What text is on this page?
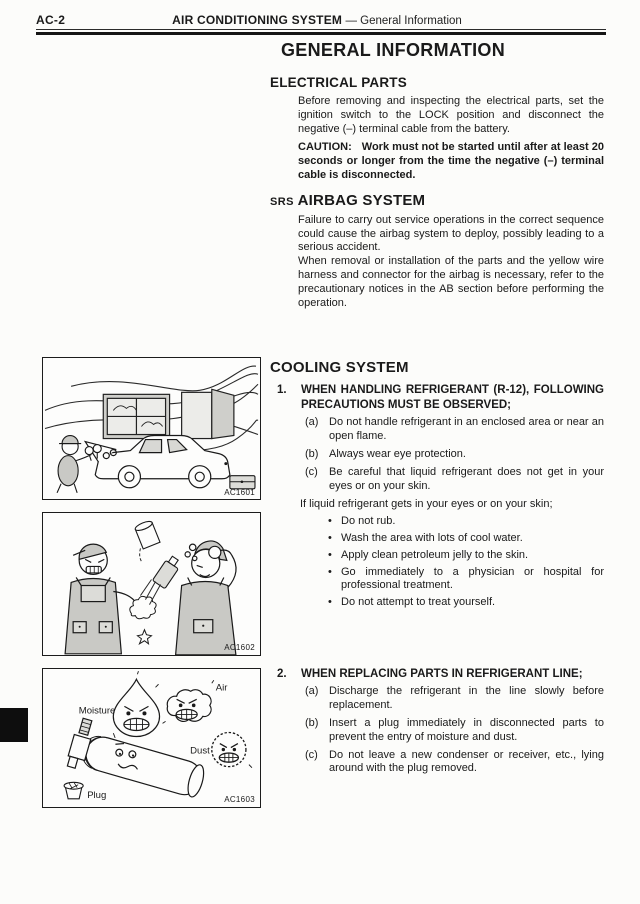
AC-2	AIR CONDITIONING SYSTEM — General Information
GENERAL INFORMATION
ELECTRICAL PARTS

Before removing and inspecting the electrical parts, set the ignition switch to the LOCK position and disconnect the negative (–) terminal cable from the battery.

CAUTION: Work must not be started until after at least 20 seconds or longer from the time the negative (–) terminal cable is disconnected.

SRS AIRBAG SYSTEM

Failure to carry out service operations in the correct sequence could cause the airbag system to deploy, possibly leading to a serious accident.

When removal or installation of the parts and the yellow wire harness and connector for the airbag is necessary, refer to the precautionary notices in the AB section before performing the operation.

COOLING SYSTEM
1.	WHEN HANDLING REFRIGERANT (R-12), FOLLOWING PRECAUTIONS MUST BE OBSERVED;
(a) Do not handle refrigerant in an enclosed area or near an open flame.
(b) Always wear eye protection.
(c)	Be careful that liquid refrigerant does not get in your eyes or on your skin.

If liquid refrigerant gets in your eyes or on your skin;

• Do not rub.
• Wash the area with lots of cool water.
• Apply clean petroleum jelly to the skin.
• Go immediately to a physician or hospital for professional treatment.
• Do not attempt to treat yourself.
2.	WHEN REPLACING PARTS IN REFRIGERANT LINE;
(a) Discharge the refrigerant in the line slowly before replacement.
(b) Insert a plug immediately in disconnected parts to prevent the entry of moisture and dust.
(c)	Do not leave a new condenser or receiver, etc., lying around with the plug removed.
AC1601
AC1602
Moisture
Air
Dust
Plug	AC1603
